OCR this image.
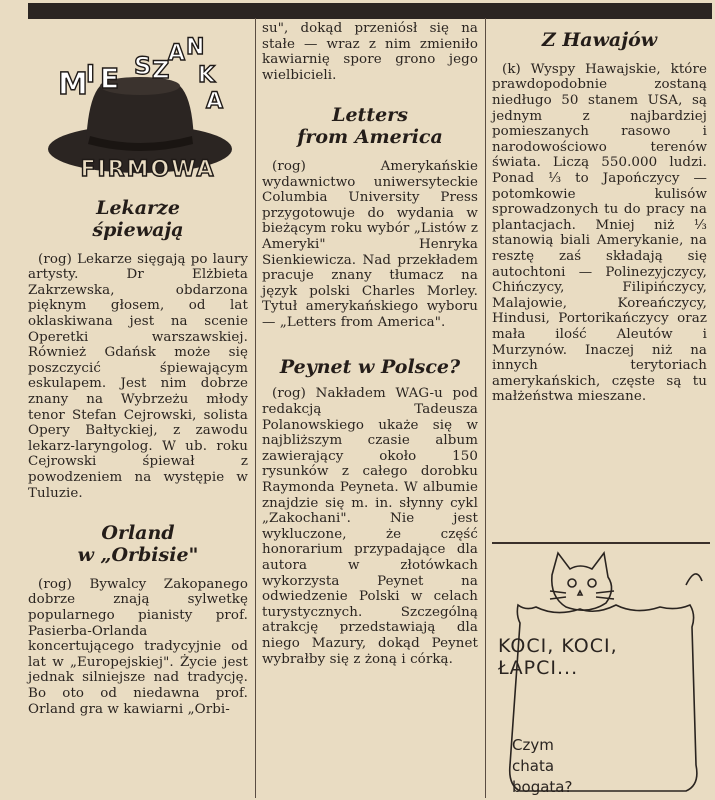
M
I E S Z
A N
K
A
FIRMOWA
Lekarze
śpiewają

(rog) Lekarze sięgają po laury artysty. Dr Elżbieta Zakrzewska, obdarzona pięknym głosem, od lat oklaskiwana jest na scenie Operetki warszawskiej. Również Gdańsk może się poszczycić śpiewającym eskulapem. Jest nim dobrze znany na Wybrzeżu młody tenor Stefan Cejrowski, solista Opery Bałtyckiej, z zawodu lekarz-laryngolog. W ub. roku Cejrowski śpiewał z powodzeniem na występie w Tuluzie.

Orland
w „Orbisie"

(rog) Bywalcy Zakopanego dobrze znają sylwetkę popularnego pianisty prof. Pasierba-Orlanda koncertującego tradycyjnie od lat w „Europejskiej". Życie jest jednak silniejsze nad tradycję. Bo oto od niedawna prof. Orland gra w kawiarni „Orbi-

su", dokąd przeniósł się na stałe — wraz z nim zmieniło kawiarnię spore grono jego wielbicieli.

Letters
from America

(rog) Amerykańskie wydawnictwo uniwersyteckie Columbia University Press przygotowuje do wydania w bieżącym roku wybór „Listów z Ameryki" Henryka Sienkiewicza. Nad przekładem pracuje znany tłumacz na język polski Charles Morley. Tytuł amerykańskiego wyboru — „Letters from America".

Peynet w Polsce?

(rog) Nakładem WAG-u pod redakcją Tadeusza Polanowskiego ukaże się w najbliższym czasie album zawierający około 150 rysunków z całego dorobku Raymonda Peyneta. W albumie znajdzie się m. in. słynny cykl „Zakochani". Nie jest wykluczone, że część honorarium przypadające dla autora w złotówkach wykorzysta Peynet na odwiedzenie Polski w celach turystycznych. Szczególną atrakcję przedstawiają dla niego Mazury, dokąd Peynet wybrałby się z żoną i córką.

Z Hawajów

(k) Wyspy Hawajskie, które prawdopodobnie zostaną niedługo 50 stanem USA, są jednym z najbardziej pomieszanych rasowo i narodowościowo terenów świata. Liczą 550.000 ludzi. Ponad ⅓ to Japończycy — potomkowie kulisów sprowadzonych tu do pracy na plantacjach. Mniej niż ⅓ stanowią biali Amerykanie, na resztę zaś składają się autochtoni — Polinezyjczycy, Chińczycy, Filipińczycy, Malajowie, Koreańczycy, Hindusi, Portorikańczycy oraz mała ilość Aleutów i Murzynów. Inaczej niż na innych terytoriach amerykańskich, częste są tu małżeństwa mieszane.

KOCI, KOCI, ŁAPCI...
Czym
chata
bogata?
